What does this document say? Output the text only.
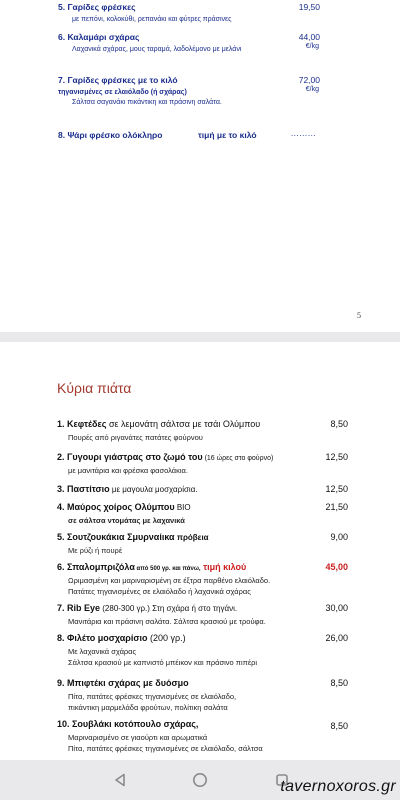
5. Γαρίδες φρέσκες
με πεπόνι, κολοκύθι, ρεπανάκι και φύτρες πράσινες
19,50
6. Καλαμάρι σχάρας
Λαχανικά σχάρας, μους ταραμά, λαδολέμονο με μελάνι
44,00
€/kg
7. Γαρίδες φρέσκες με το κιλό
τηγανισμένες σε ελαιόλαδο (ή σχάρας)
Σάλτσα σαγανάκι πικάντικη και πράσινη σαλάτα.
72,00
€/kg
8. Ψάρι φρέσκο ολόκληρο	τιμή με το κιλό	………
5
Κύρια πιάτα
1. Κεφτέδες σε λεμονάτη σάλτσα με τσάι Ολύμπου
Πουρές από ριγανάτες πατάτες φούρνου
8,50
2. Γυγουρι γιάστρας στο ζωμό του (16 ώρες στο φούρνο)
με μανιτάρια και φρέσκα φασολάκια.
12,50
3. Παστίτσιο με μαγουλα μοσχαρίσια.	12,50
4. Μαύρος χοίρος Ολύμπου BIO
σε σάλτσα ντομάτας με λαχανικά
21,50
5. Σουτζουκάκια Σμυρναίικα πρόβεια
Με ρύζι ή πουρέ
9,00
6. Σπαλομπριζόλα από 500 γρ. και πάνω, τιμή κιλού
Ωριμασμένη και μαριναρισμένη σε έξτρα παρθένο ελαιόλαδο.
Πατάτες τηγανισμένες σε ελαιόλαδο ή λαχανικά σχάρας
45,00
7. Rib Eye (280-300 γρ.) Στη σχάρα ή στο τηγάνι.
Μανιτάρια και πράσινη σαλάτα. Σάλτσα κρασιού με τρούφα.
30,00
8. Φιλέτο μοσχαρίσιο (200 γρ.)
Με λαχανικά σχάρας
Σάλτσα κρασιού με καπνιστό μπέικον και πράσινο πιπέρι
26,00
9. Μπιφτέκι σχάρας με δυόσμο
Πίτα, πατάτες φρέσκες τηγανισμένες σε ελαιόλαδο,
πικάντικη μαρμελάδα φρούτων, πολίτικη σαλάτα
8,50
10. Σουβλάκι κοτόπουλο σχάρας,
Μαριναρισμένο σε γιαούρτι και αρωματικά
Πίτα, πατάτες φρέσκες τηγανισμένες σε ελαιόλαδο, σάλτσα
8,50
tavernoxoros.gr
